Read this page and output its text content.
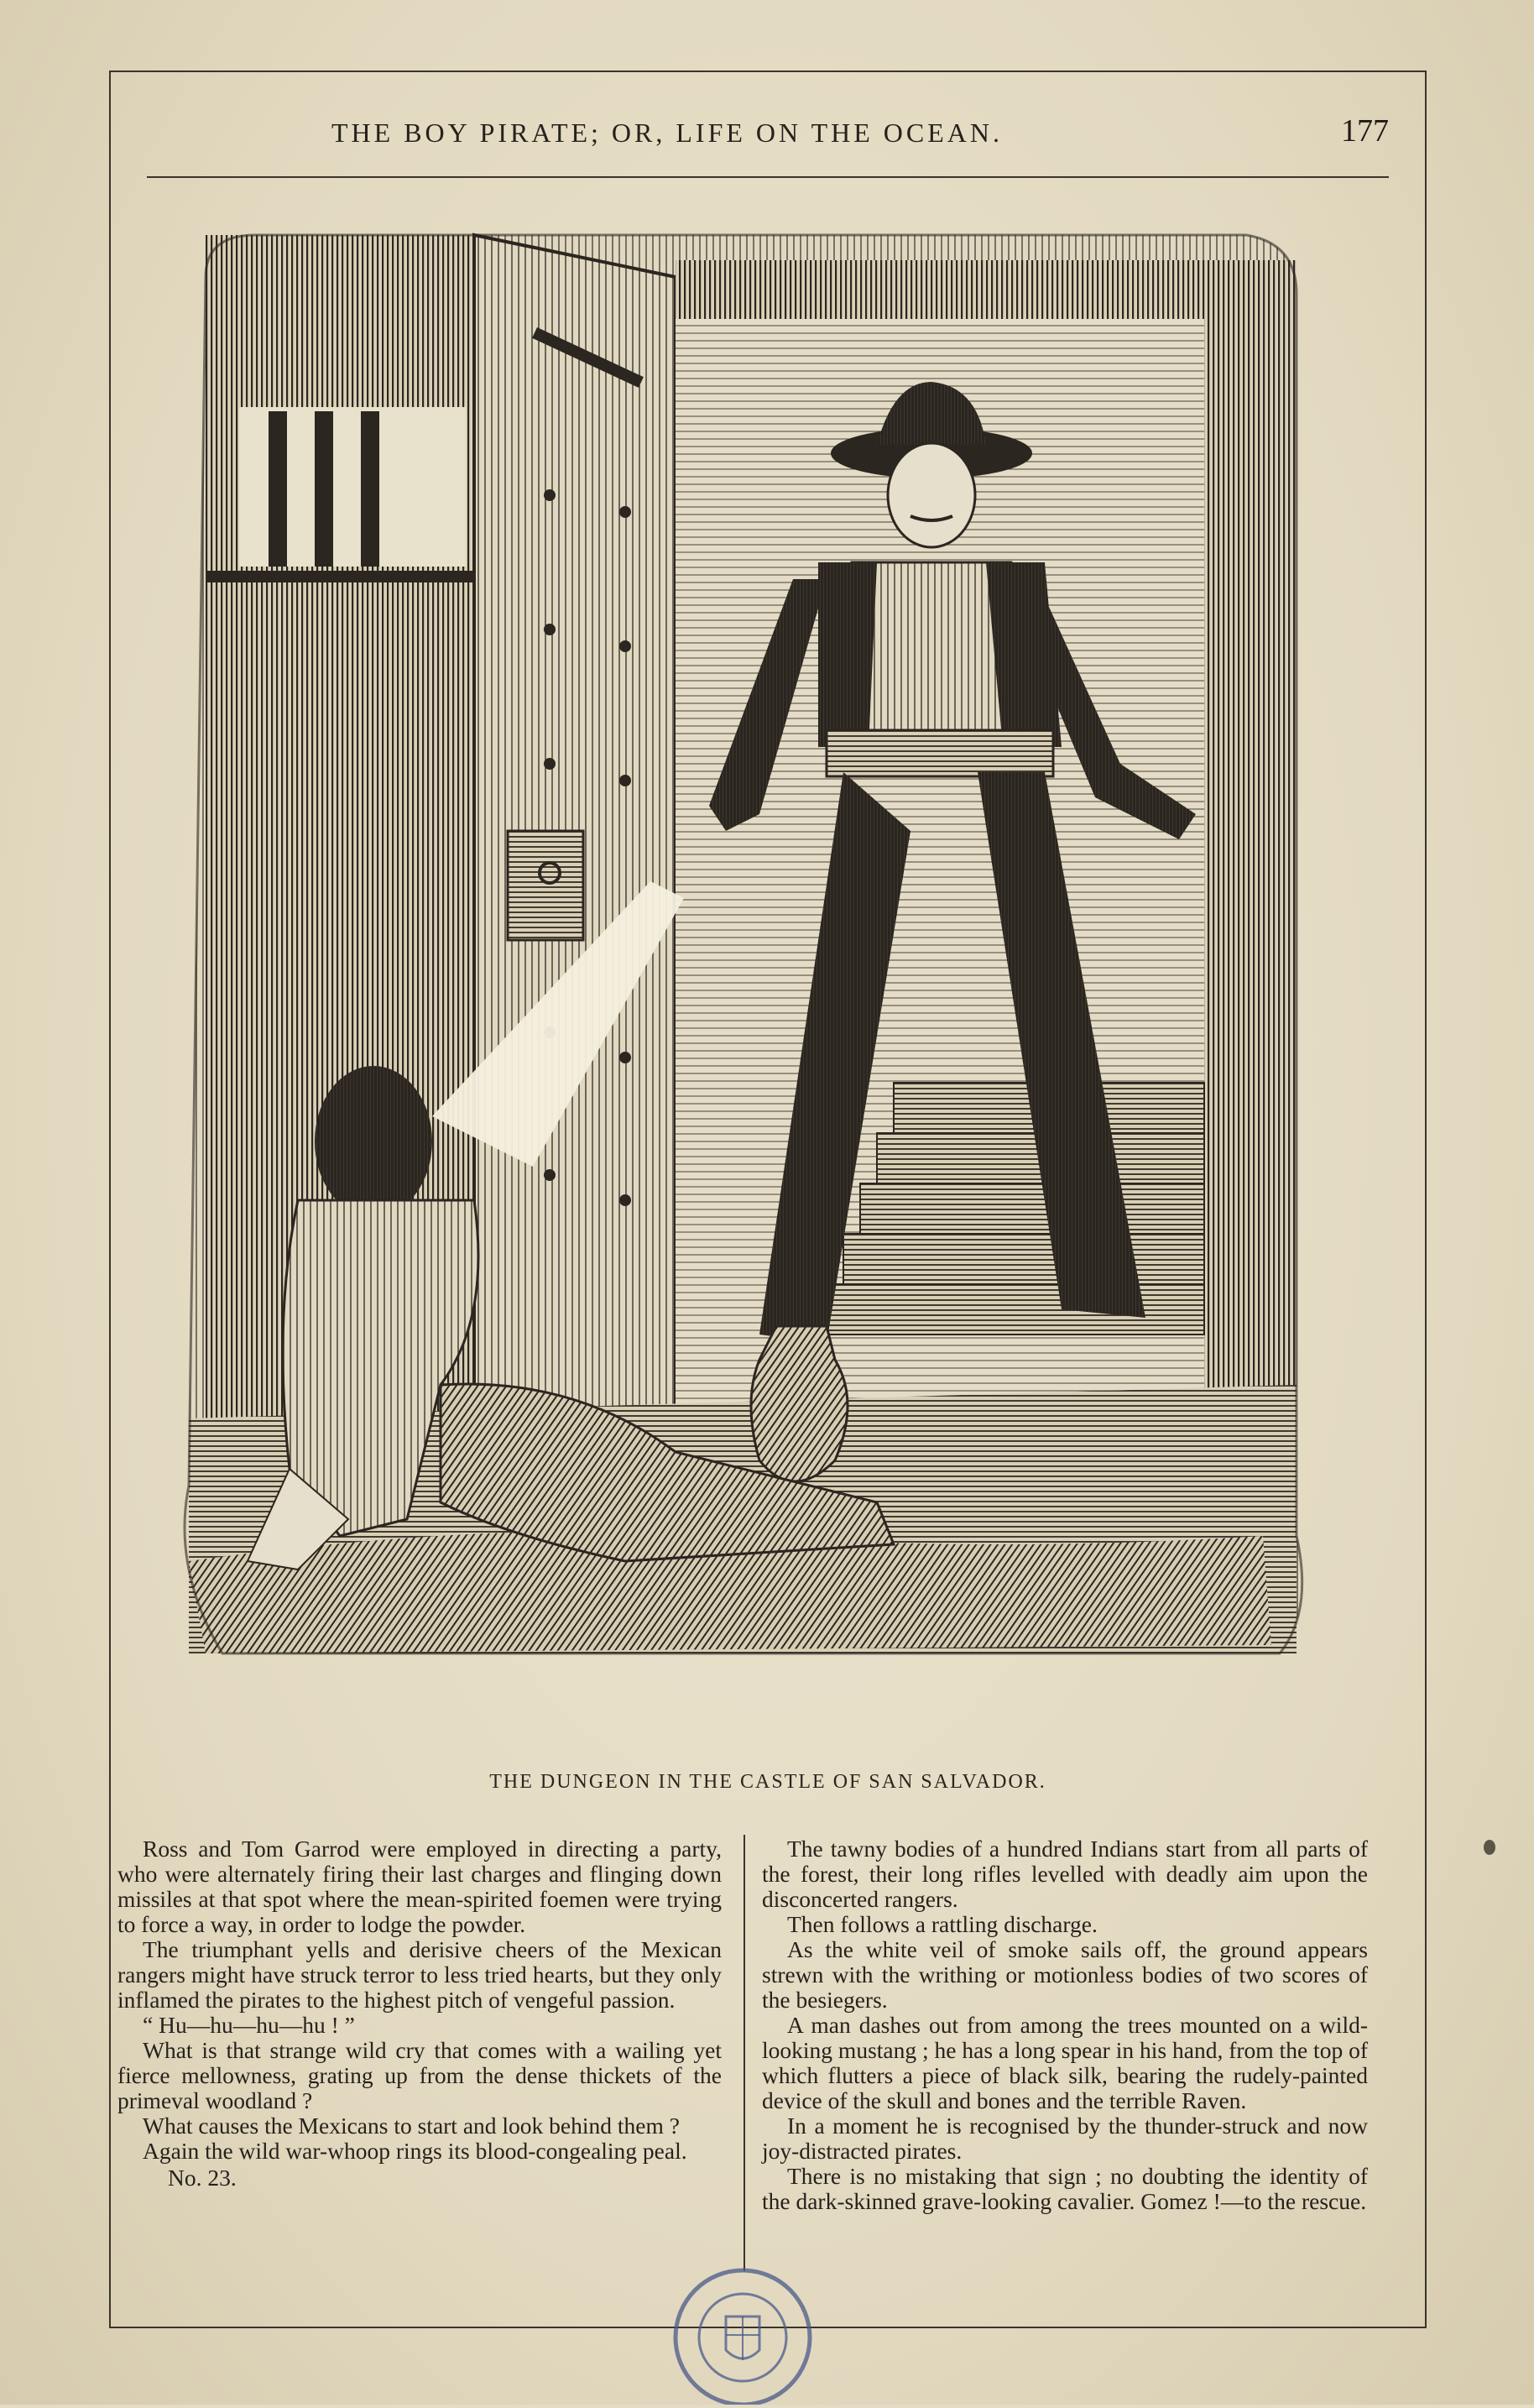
THE BOY PIRATE; OR, LIFE ON THE OCEAN.	177
THE DUNGEON IN THE CASTLE OF SAN SALVADOR.

Ross and Tom Garrod were employed in directing a party, who were alternately firing their last charges and flinging down missiles at that spot where the mean-spirited foemen were trying to force a way, in order to lodge the powder.

The triumphant yells and derisive cheers of the Mexican rangers might have struck terror to less tried hearts, but they only inflamed the pirates to the highest pitch of vengeful passion.

“ Hu—hu—hu—hu ! ”

What is that strange wild cry that comes with a wailing yet fierce mellowness, grating up from the dense thickets of the primeval woodland ?

What causes the Mexicans to start and look behind them ?

Again the wild war-whoop rings its blood-congealing peal.

No. 23.

The tawny bodies of a hundred Indians start from all parts of the forest, their long rifles levelled with deadly aim upon the disconcerted rangers.

Then follows a rattling discharge.

As the white veil of smoke sails off, the ground appears strewn with the writhing or motionless bodies of two scores of the besiegers.

A man dashes out from among the trees mounted on a wild-looking mustang ; he has a long spear in his hand, from the top of which flutters a piece of black silk, bearing the rudely-painted device of the skull and bones and the terrible Raven.

In a moment he is recognised by the thunder-struck and now joy-distracted pirates.

There is no mistaking that sign ; no doubting the identity of the dark-skinned grave-looking cavalier. Gomez !—to the rescue.
